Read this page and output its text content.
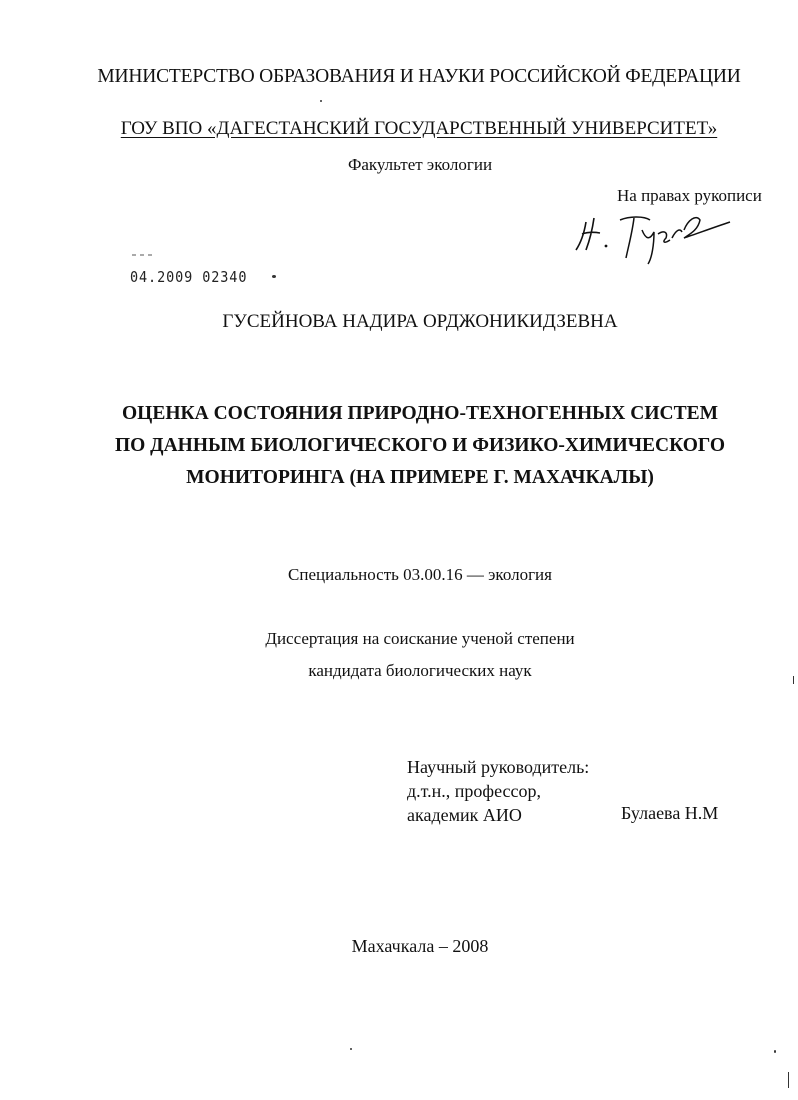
МИНИСТЕРСТВО ОБРАЗОВАНИЯ И НАУКИ РОССИЙСКОЙ ФЕДЕРАЦИИ
ГОУ ВПО «ДАГЕСТАНСКИЙ ГОСУДАРСТВЕННЫЙ УНИВЕРСИТЕТ»
Факультет экологии
На правах рукописи
04.2009 02340
ГУСЕЙНОВА НАДИРА ОРДЖОНИКИДЗЕВНА
ОЦЕНКА СОСТОЯНИЯ ПРИРОДНО-ТЕХНОГЕННЫХ СИСТЕМ
ПО ДАННЫМ БИОЛОГИЧЕСКОГО И ФИЗИКО-ХИМИЧЕСКОГО
МОНИТОРИНГА (НА ПРИМЕРЕ Г. МАХАЧКАЛЫ)
Специальность 03.00.16 — экология
Диссертация на соискание ученой степени
кандидата биологических наук
Научный руководитель:
д.т.н., профессор,
академик АИО	Булаева Н.М
Махачкала – 2008
